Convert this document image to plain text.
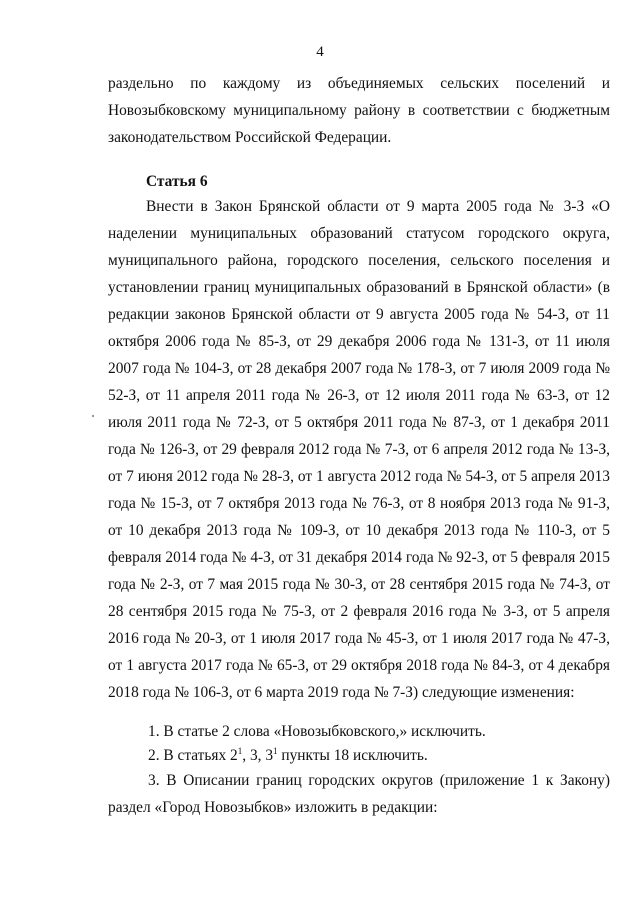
4
раздельно по каждому из объединяемых сельских поселений и Новозыбковскому муниципальному району в соответствии с бюджетным законодательством Российской Федерации.
Статья 6
Внести в Закон Брянской области от 9 марта 2005 года № 3-З «О наделении муниципальных образований статусом городского округа, муниципального района, городского поселения, сельского поселения и установлении границ муниципальных образований в Брянской области» (в редакции законов Брянской области от 9 августа 2005 года № 54-З, от 11 октября 2006 года № 85-З, от 29 декабря 2006 года № 131-З, от 11 июля 2007 года № 104-З, от 28 декабря 2007 года № 178-З, от 7 июля 2009 года № 52-З, от 11 апреля 2011 года № 26-З, от 12 июля 2011 года № 63-З, от 12 июля 2011 года № 72-З, от 5 октября 2011 года № 87-З, от 1 декабря 2011 года № 126-З, от 29 февраля 2012 года № 7-З, от 6 апреля 2012 года № 13-З, от 7 июня 2012 года № 28-З, от 1 августа 2012 года № 54-З, от 5 апреля 2013 года № 15-З, от 7 октября 2013 года № 76-З, от 8 ноября 2013 года № 91-З, от 10 декабря 2013 года № 109-З, от 10 декабря 2013 года № 110-З, от 5 февраля 2014 года № 4-З, от 31 декабря 2014 года № 92-З, от 5 февраля 2015 года № 2-З, от 7 мая 2015 года № 30-З, от 28 сентября 2015 года № 74-З, от 28 сентября 2015 года № 75-З, от 2 февраля 2016 года № 3-З, от 5 апреля 2016 года № 20-З, от 1 июля 2017 года № 45-З, от 1 июля 2017 года № 47-З, от 1 августа 2017 года № 65-З, от 29 октября 2018 года № 84-З, от 4 декабря 2018 года № 106-З, от 6 марта 2019 года № 7-З) следующие изменения:
1. В статье 2 слова «Новозыбковского,» исключить.
2. В статьях $2^1$, 3, $3^1$ пункты 18 исключить.
3. В Описании границ городских округов (приложение 1 к Закону) раздел «Город Новозыбков» изложить в редакции:
